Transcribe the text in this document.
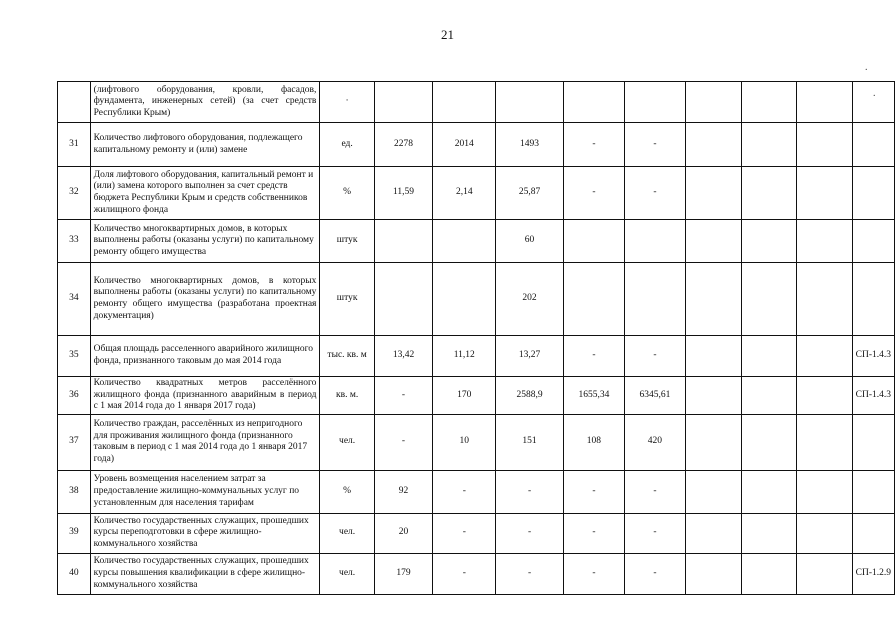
21
.
.
	(лифтового оборудования, кровли, фасадов, фундамента, инженерных сетей) (за счет средств Республики Крым)	·									
31	Количество лифтового оборудования, подлежащего капитальному ремонту и (или) замене	ед.	2278	2014	1493	-	-				
32	Доля лифтового оборудования, капитальный ремонт и (или) замена которого выполнен за счет средств бюджета Республики Крым и средств собственников жилищного фонда	%	11,59	2,14	25,87	-	-				
33	Количество многоквартирных домов, в которых выполнены работы (оказаны услуги) по капитальному ремонту общего имущества	штук			60						
34	Количество многоквартирных домов, в которых выполнены работы (оказаны услуги) по капитальному ремонту общего имущества (разработана проектная документация)	штук			202						
35	Общая площадь расселенного аварийного жилищного фонда, признанного таковым до мая 2014 года	тыс. кв. м	13,42	11,12	13,27	-	-				СП-1.4.3
36	Количество квадратных метров расселённого жилищного фонда (признанного аварийным в период с 1 мая 2014 года до 1 января 2017 года)	кв. м.	-	170	2588,9	1655,34	6345,61				СП-1.4.3
37	Количество граждан, расселённых из непригодного для проживания жилищного фонда (признанного таковым в период с 1 мая 2014 года до 1 января 2017 года)	чел.	-	10	151	108	420				
38	Уровень возмещения населением затрат за предоставление жилищно-коммунальных услуг по установленным для населения тарифам	%	92	-	-	-	-				
39	Количество государственных служащих, прошедших курсы переподготовки в сфере жилищно-коммунального хозяйства	чел.	20	-	-	-	-				
40	Количество государственных служащих, прошедших курсы повышения квалификации в сфере жилищно-коммунального хозяйства	чел.	179	-	-	-	-				СП-1.2.9
